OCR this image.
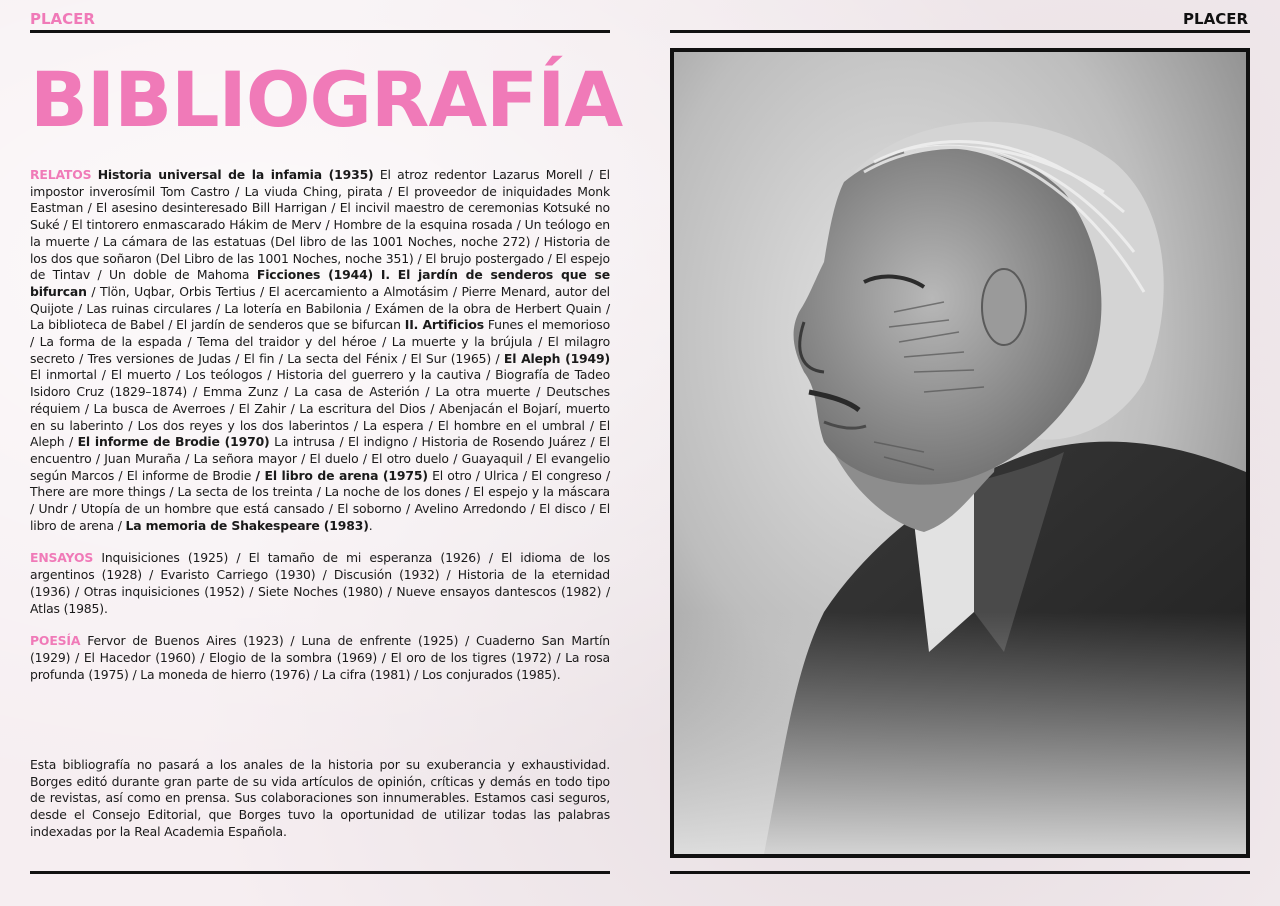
PLACER	PLACER
BIBLIOGRAFÍA

RELATOS Historia universal de la infamia (1935) El atroz redentor Lazarus Morell / El impostor inverosímil Tom Castro / La viuda Ching, pirata / El proveedor de iniquidades Monk Eastman / El asesino desinteresado Bill Harrigan / El incivil maestro de ceremonias Kotsuké no Suké / El tintorero enmascarado Hákim de Merv / Hombre de la esquina rosada / Un teólogo en la muerte / La cámara de las estatuas (Del libro de las 1001 Noches, noche 272) / Historia de los dos que soñaron (Del Libro de las 1001 Noches, noche 351) / El brujo postergado / El espejo de Tintav / Un doble de Mahoma Ficciones (1944) I. El jardín de senderos que se bifurcan / Tlön, Uqbar, Orbis Tertius / El acercamiento a Almotásim / Pierre Menard, autor del Quijote / Las ruinas circulares / La lotería en Babilonia / Exámen de la obra de Herbert Quain / La biblioteca de Babel / El jardín de senderos que se bifurcan II. Artificios Funes el memorioso / La forma de la espada / Tema del traidor y del héroe / La muerte y la brújula / El milagro secreto / Tres versiones de Judas / El fin / La secta del Fénix / El Sur (1965) / El Aleph (1949) El inmortal / El muerto / Los teólogos / Historia del guerrero y la cautiva / Biografía de Tadeo Isidoro Cruz (1829–1874) / Emma Zunz / La casa de Asterión / La otra muerte / Deutsches réquiem / La busca de Averroes / El Zahir / La escritura del Dios / Abenjacán el Bojarí, muerto en su laberinto / Los dos reyes y los dos laberintos / La espera / El hombre en el umbral / El Aleph / El informe de Brodie (1970) La intrusa / El indigno / Historia de Rosendo Juárez / El encuentro / Juan Muraña / La señora mayor / El duelo / El otro duelo / Guayaquil / El evangelio según Marcos / El informe de Brodie / El libro de arena (1975) El otro / Ulrica / El congreso / There are more things / La secta de los treinta / La noche de los dones / El espejo y la máscara / Undr / Utopía de un hombre que está cansado / El soborno / Avelino Arredondo / El disco / El libro de arena / La memoria de Shakespeare (1983).

ENSAYOS Inquisiciones (1925) / El tamaño de mi esperanza (1926) / El idioma de los argentinos (1928) / Evaristo Carriego (1930) / Discusión (1932) / Historia de la eternidad (1936) / Otras inquisiciones (1952) / Siete Noches (1980) / Nueve ensayos dantescos (1982) / Atlas (1985).

POESÍA Fervor de Buenos Aires (1923) / Luna de enfrente (1925) / Cuaderno San Martín (1929) / El Hacedor (1960) / Elogio de la sombra (1969) / El oro de los tigres (1972) / La rosa profunda (1975) / La moneda de hierro (1976) / La cifra (1981) / Los conjurados (1985).

Esta bibliografía no pasará a los anales de la historia por su exuberancia y exhaustividad. Borges editó durante gran parte de su vida artículos de opinión, críticas y demás en todo tipo de revistas, así como en prensa. Sus colaboraciones son innumerables. Estamos casi seguros, desde el Consejo Editorial, que Borges tuvo la oportunidad de utilizar todas las palabras indexadas por la Real Academia Española.
